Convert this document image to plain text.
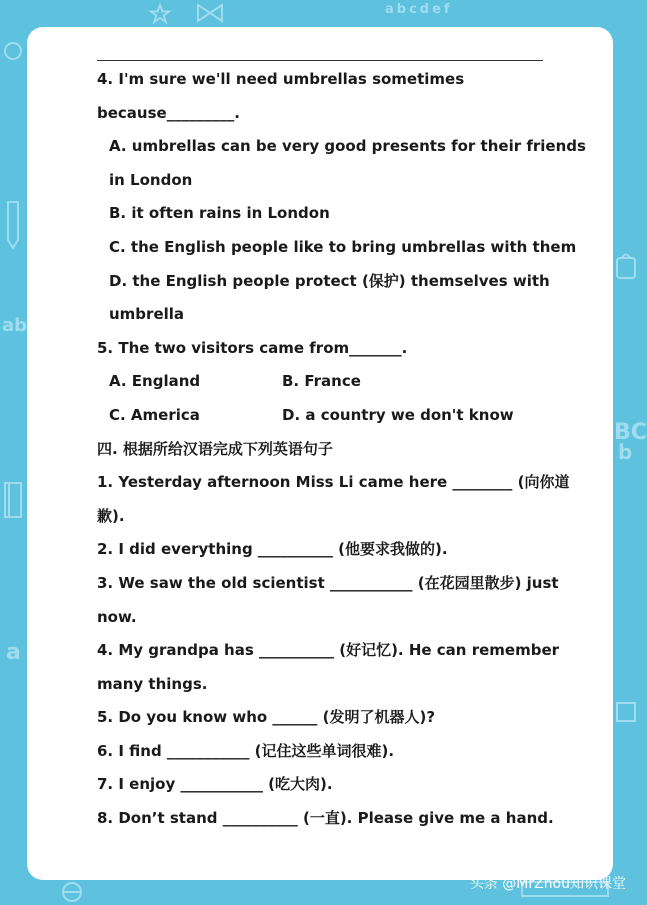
abcdef
ab
a
b
BC
4. I'm sure we'll need umbrellas sometimes
because_________.
A. umbrellas can be very good presents for their friends
in London
B. it often rains in London
C. the English people like to bring umbrellas with them
D. the English people protect (保护) themselves with
umbrella
5. The two visitors came from_______.
A. England	B. France
C. America	D. a country we don't know
四. 根据所给汉语完成下列英语句子
1. Yesterday afternoon Miss Li came here ________ (向你道
歉).
2. I did everything __________ (他要求我做的).
3. We saw the old scientist ___________ (在花园里散步) just
now.
4. My grandpa has __________ (好记忆). He can remember
many things.
5. Do you know who ______ (发明了机器人)?
6. I find ___________ (记住这些单词很难).
7. I enjoy ___________ (吃大肉).
8. Don’t stand __________ (一直). Please give me a hand.
头条 @MrZhou知识课堂
